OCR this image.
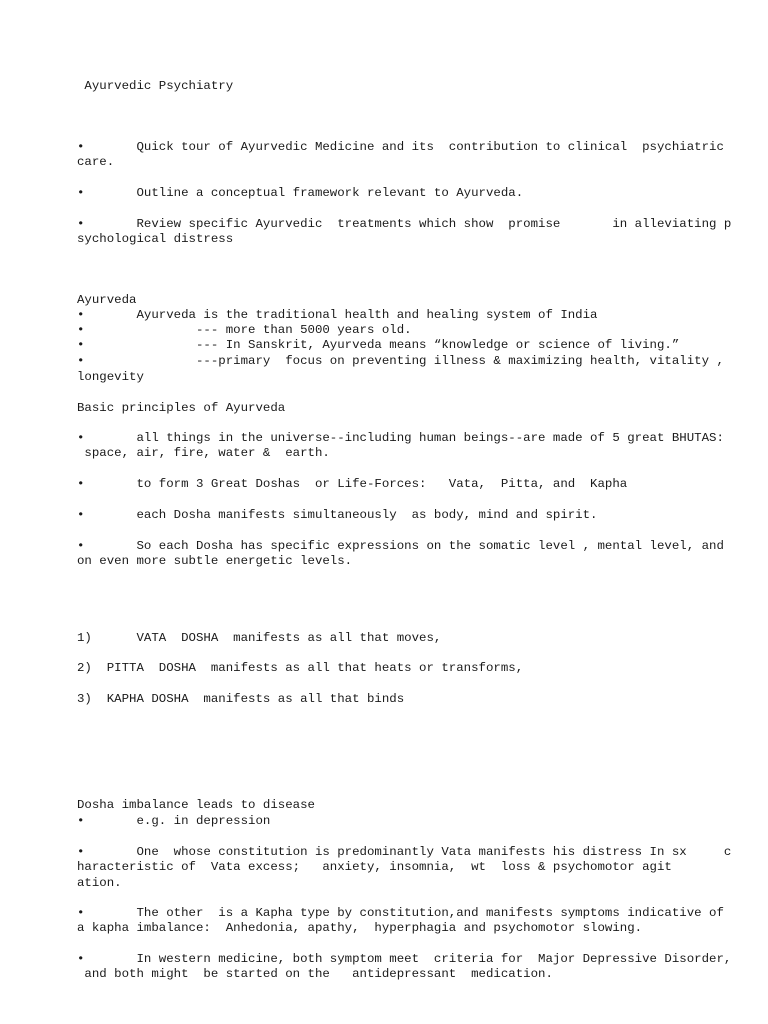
Ayurvedic Psychiatry
•       Quick tour of Ayurvedic Medicine and its  contribution to clinical  psychiatric
care.
•       Outline a conceptual framework relevant to Ayurveda.
•       Review specific Ayurvedic  treatments which show  promise       in alleviating p
sychological distress
Ayurveda
•       Ayurveda is the traditional health and healing system of India
•               --- more than 5000 years old.
•               --- In Sanskrit, Ayurveda means “knowledge or science of living.”
•               ---primary  focus on preventing illness & maximizing health, vitality ,
longevity
Basic principles of Ayurveda
•       all things in the universe--including human beings--are made of 5 great BHUTAS:
space, air, fire, water &  earth.
•       to form 3 Great Doshas  or Life-Forces:   Vata,  Pitta, and  Kapha
•       each Dosha manifests simultaneously  as body, mind and spirit.
•       So each Dosha has specific expressions on the somatic level , mental level, and
on even more subtle energetic levels.
1)      VATA  DOSHA  manifests as all that moves,
2)  PITTA  DOSHA  manifests as all that heats or transforms,
3)  KAPHA DOSHA  manifests as all that binds
Dosha imbalance leads to disease
•       e.g. in depression
•       One  whose constitution is predominantly Vata manifests his distress In sx     c
haracteristic of  Vata excess;   anxiety, insomnia,  wt  loss & psychomotor agit
ation.
•       The other  is a Kapha type by constitution,and manifests symptoms indicative of
a kapha imbalance:  Anhedonia, apathy,  hyperphagia and psychomotor slowing.
•       In western medicine, both symptom meet  criteria for  Major Depressive Disorder,
and both might  be started on the   antidepressant  medication.
